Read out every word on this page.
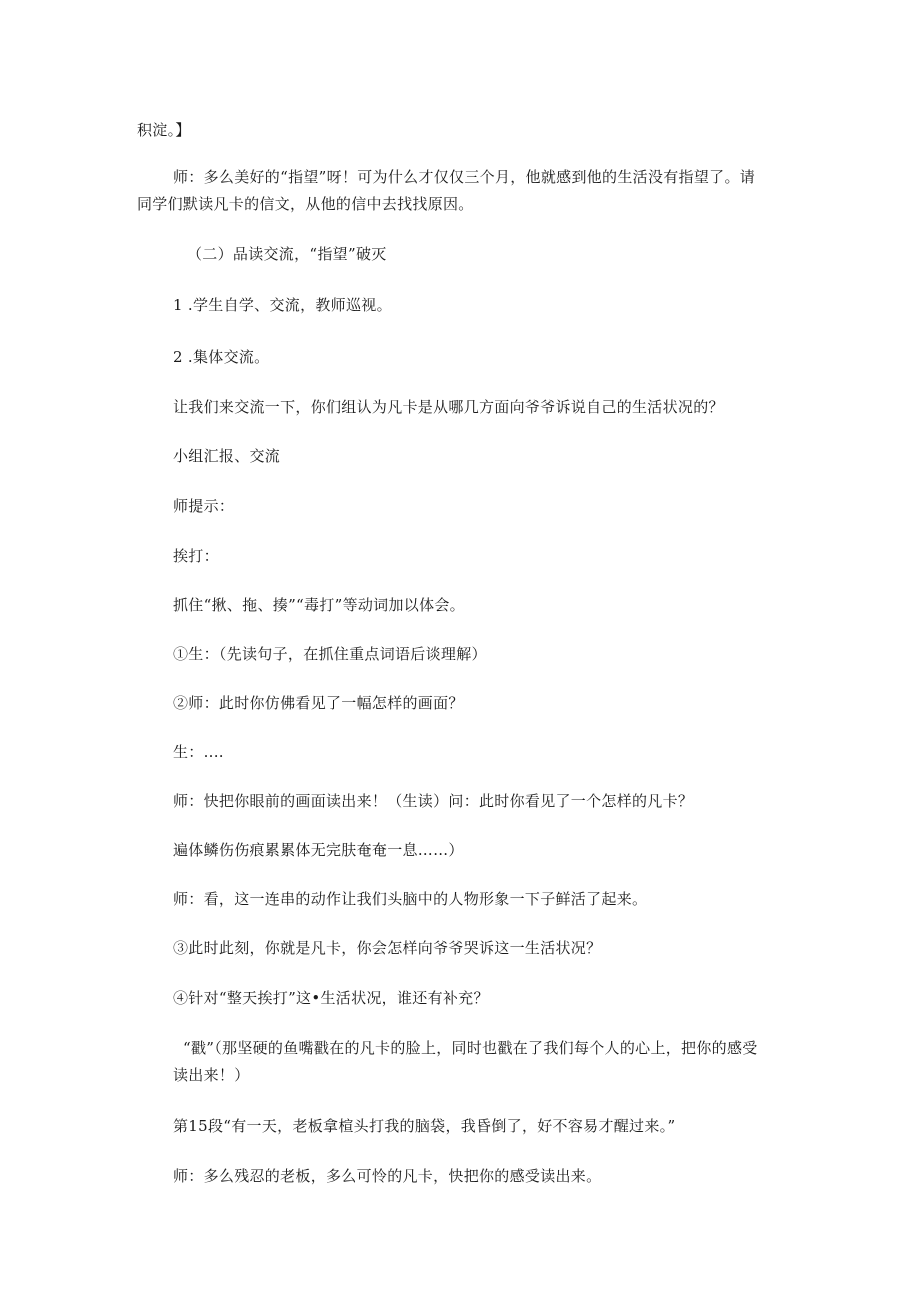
积淀。】
师：多么美好的“指望”呀！可为什么才仅仅三个月，他就感到他的生活没有指望了。请
同学们默读凡卡的信文，从他的信中去找找原因。
（二）品读交流，“指望”破灭
1 .学生自学、交流，教师巡视。
2 .集体交流。
让我们来交流一下，你们组认为凡卡是从哪几方面向爷爷诉说自己的生活状况的？
小组汇报、交流
师提示：
挨打：
抓住“揪、拖、揍”“毒打”等动词加以体会。
①生：（先读句子，在抓住重点词语后谈理解）
②师：此时你仿佛看见了一幅怎样的画面？
生：....
师：快把你眼前的画面读出来！（生读）问：此时你看见了一个怎样的凡卡？
遍体鳞伤伤痕累累体无完肤奄奄一息……）
师：看，这一连串的动作让我们头脑中的人物形象一下子鲜活了起来。
③此时此刻，你就是凡卡，你会怎样向爷爷哭诉这一生活状况？
④针对“整天挨打”这•生活状况，谁还有补充？
“戳”（那坚硬的鱼嘴戳在的凡卡的脸上，同时也戳在了我们每个人的心上，把你的感受
读出来！）
第15段“有一天，老板拿楦头打我的脑袋，我昏倒了，好不容易才醒过来。”
师：多么残忍的老板，多么可怜的凡卡，快把你的感受读出来。
